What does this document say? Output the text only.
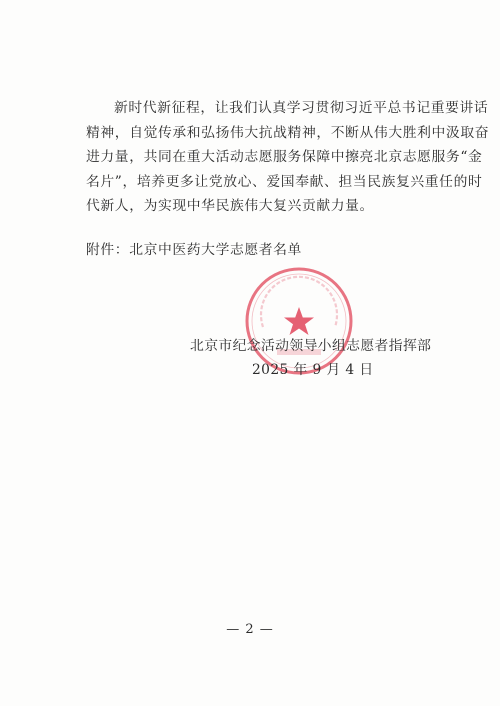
新时代新征程，让我们认真学习贯彻习近平总书记重要讲话
精神，自觉传承和弘扬伟大抗战精神，不断从伟大胜利中汲取奋
进力量，共同在重大活动志愿服务保障中擦亮北京志愿服务“金
名片”，培养更多让党放心、爱国奉献、担当民族复兴重任的时
代新人，为实现中华民族伟大复兴贡献力量。
附件：北京中医药大学志愿者名单
北京市纪念活动领导小组志愿者指挥部
2025 年 9 月 4 日
— 2 —
